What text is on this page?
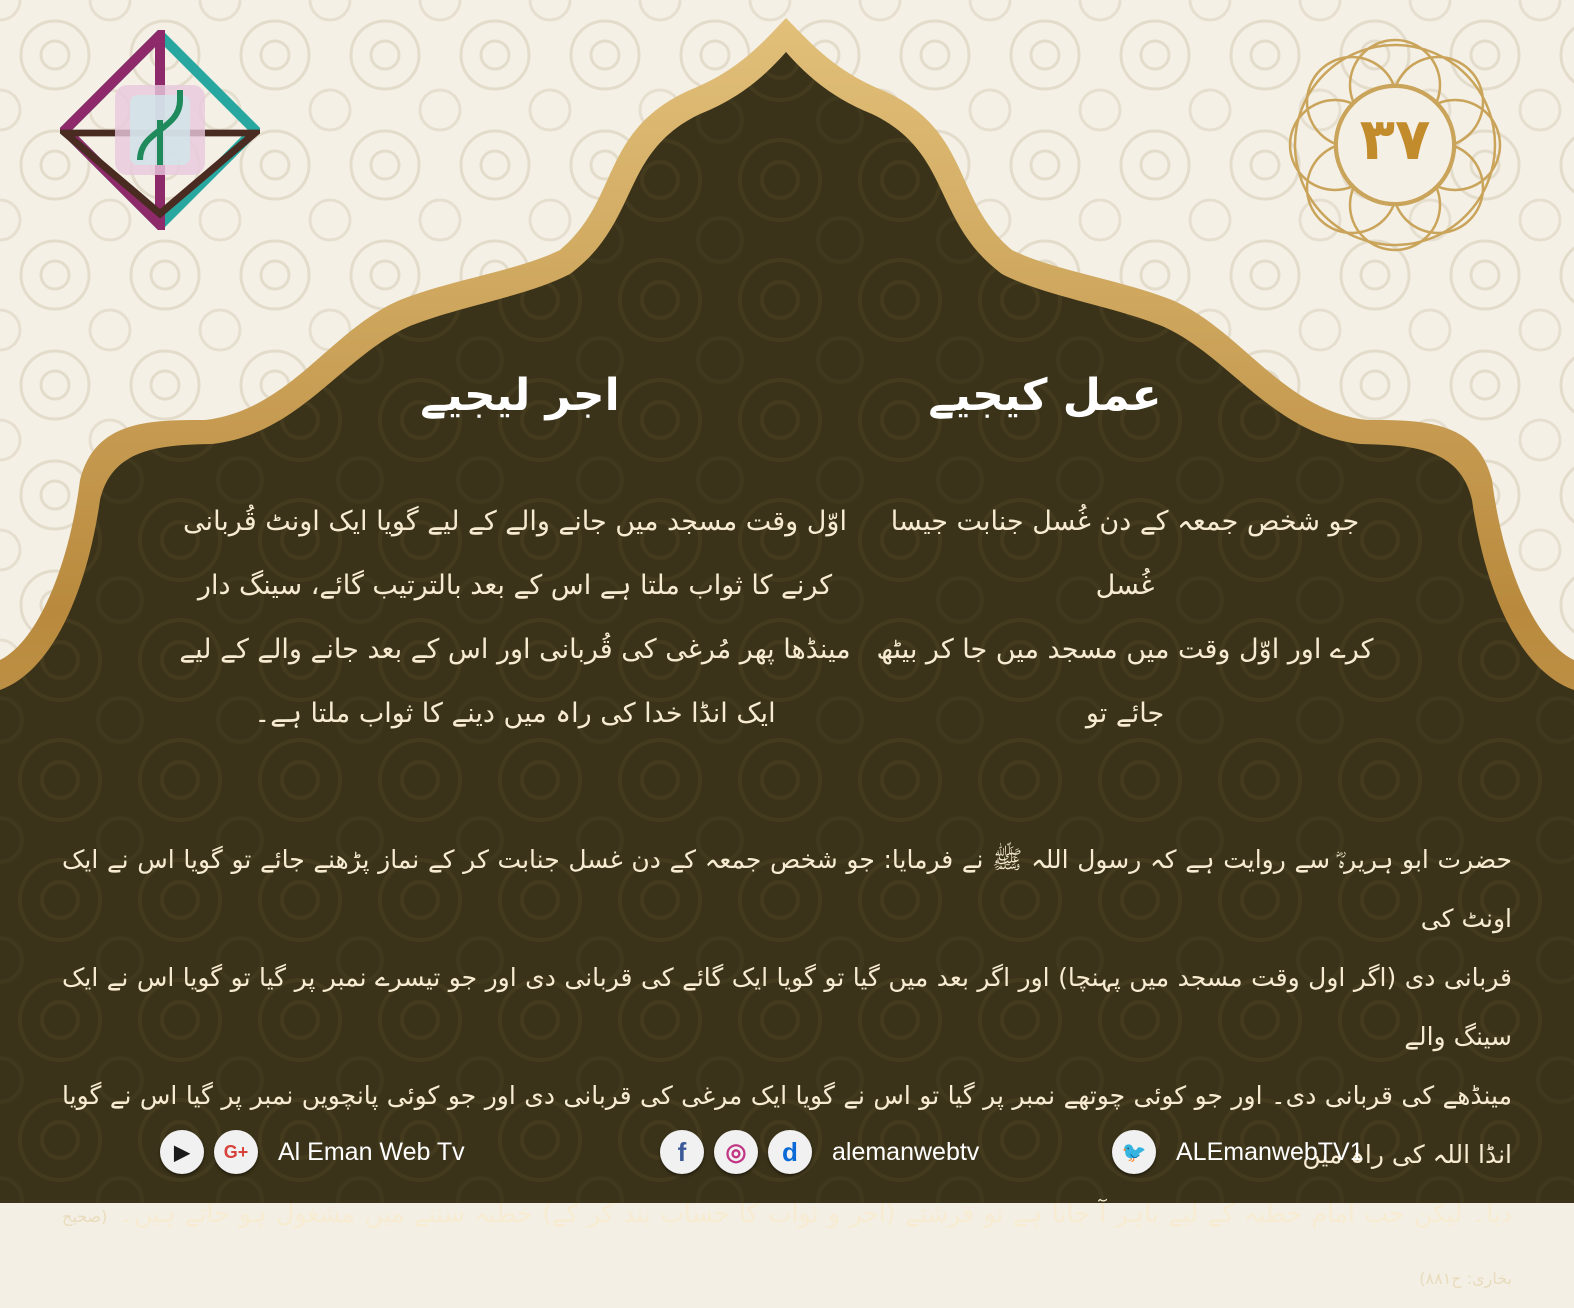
۳۷
عمل کیجیے
اجر لیجیے
جو شخص جمعہ کے دن غُسل جنابت جیسا غُسل
کرے اور اوّل وقت میں مسجد میں جا کر بیٹھ
جائے تو
اوّل وقت مسجد میں جانے والے کے لیے گویا ایک اونٹ قُربانی
کرنے کا ثواب ملتا ہے اس کے بعد بالترتیب گائے، سینگ دار
مینڈھا پھر مُرغی کی قُربانی اور اس کے بعد جانے والے کے لیے
ایک انڈا خدا کی راہ میں دینے کا ثواب ملتا ہے۔

حضرت ابو ہریرہؓ سے روایت ہے کہ رسول اللہ ﷺ نے فرمایا: جو شخص جمعہ کے دن غسل جنابت کر کے نماز پڑھنے جائے تو گویا اس نے ایک اونٹ کی

قربانی دی (اگر اول وقت مسجد میں پہنچا) اور اگر بعد میں گیا تو گویا ایک گائے کی قربانی دی اور جو تیسرے نمبر پر گیا تو گویا اس نے ایک سینگ والے

مینڈھے کی قربانی دی۔ اور جو کوئی چوتھے نمبر پر گیا تو اس نے گویا ایک مرغی کی قربانی دی اور جو کوئی پانچویں نمبر پر گیا اس نے گویا انڈا اللہ کی راہ میں

دیا۔ لیکن جب امام خطبہ کے لیے باہر آ جاتا ہے تو فرشتے (اجر و ثواب کا حساب بند کر کے) خطبہ سننے میں مشغول ہو جاتے ہیں۔(صحیح بخاری: ح۸۸۱)

▶ G+ Al Eman Web Tv	f ◎ d alemanwebtv	🐦 ALEmanwebTV1
